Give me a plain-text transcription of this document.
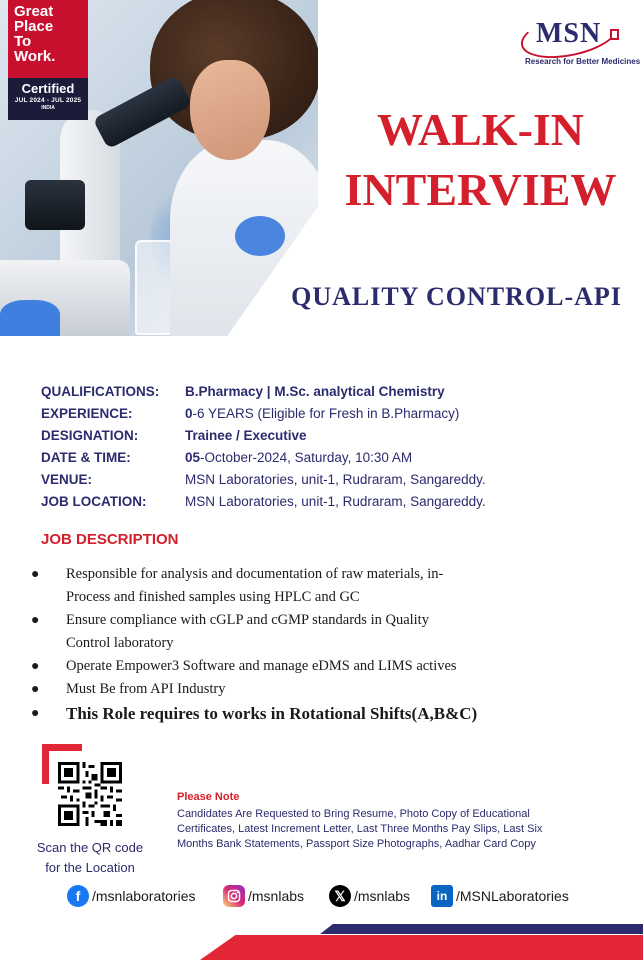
Great
Place
To
Work.
Certified
JUL 2024 - JUL 2025
INDIA
MSN
Research for Better Medicines
WALK-IN
INTERVIEW
QUALITY CONTROL-API
QUALIFICATIONS:	B.Pharmacy | M.Sc. analytical Chemistry
EXPERIENCE:	0-6 YEARS (Eligible for Fresh in B.Pharmacy)
DESIGNATION:	Trainee / Executive
DATE & TIME:	05-October-2024, Saturday, 10:30 AM
VENUE:	MSN Laboratories, unit-1, Rudraram, Sangareddy.
JOB LOCATION:	MSN Laboratories, unit-1, Rudraram, Sangareddy.
JOB DESCRIPTION
● Responsible for analysis and documentation of raw materials, in-
Process and finished samples using HPLC and GC
● Ensure compliance with cGLP and cGMP standards in Quality
Control laboratory
● Operate Empower3 Software and manage eDMS and LIMS actives
● Must Be from API Industry
● This Role requires to works in Rotational Shifts(A,B&C)
Scan the QR code
for the Location
Please Note
Candidates Are Requested to Bring Resume, Photo Copy of Educational
Certificates, Latest Increment Letter, Last Three Months Pay Slips, Last Six
Months Bank Statements, Passport Size Photographs, Aadhar Card Copy
f /msnlaboratories	/msnlabs	𝕏 /msnlabs	in /MSNLaboratories
